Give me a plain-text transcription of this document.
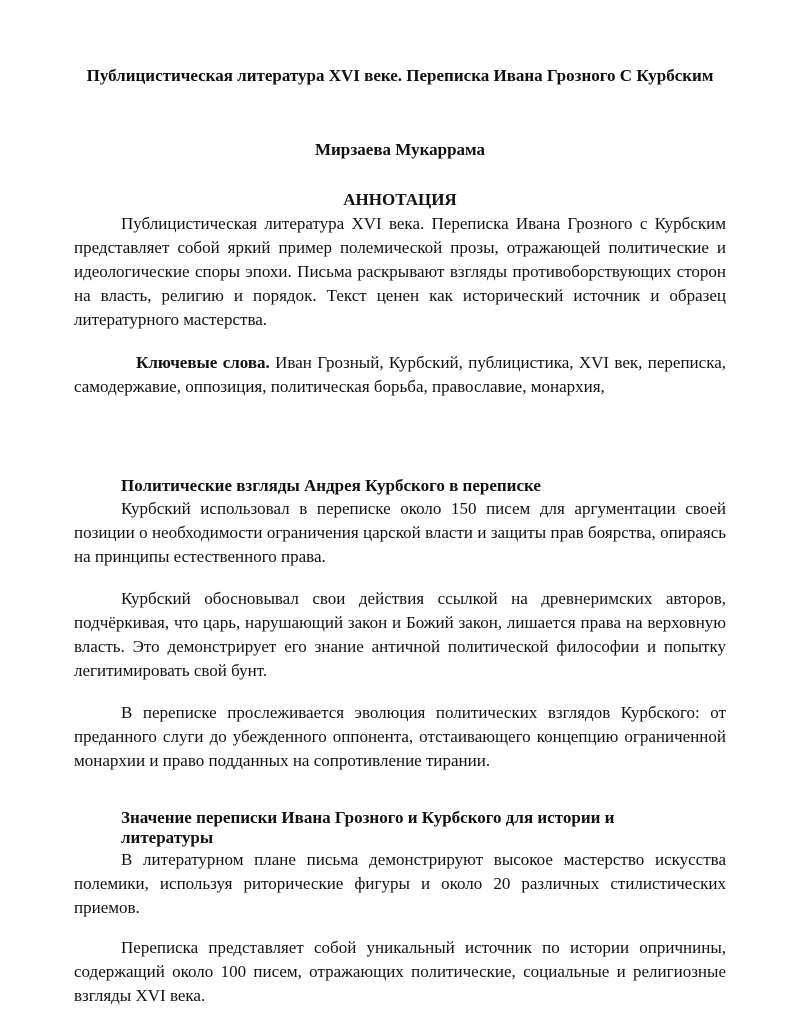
Публицистическая литература XVI веке. Переписка Ивана Грозного С Курбским
Мирзаева Мукаррама
АННОТАЦИЯ

Публицистическая литература XVI века. Переписка Ивана Грозного с Курбским представляет собой яркий пример полемической прозы, отражающей политические и идеологические споры эпохи. Письма раскрывают взгляды противоборствующих сторон на власть, религию и порядок. Текст ценен как исторический источник и образец литературного мастерства.

Ключевые слова. Иван Грозный, Курбский, публицистика, XVI век, переписка, самодержавие, оппозиция, политическая борьба, православие, монархия,

Политические взгляды Андрея Курбского в переписке

Курбский использовал в переписке около 150 писем для аргументации своей позиции о необходимости ограничения царской власти и защиты прав боярства, опираясь на принципы естественного права.

Курбский обосновывал свои действия ссылкой на древнеримских авторов, подчёркивая, что царь, нарушающий закон и Божий закон, лишается права на верховную власть. Это демонстрирует его знание античной политической философии и попытку легитимировать свой бунт.

В переписке прослеживается эволюция политических взглядов Курбского: от преданного слуги до убежденного оппонента, отстаивающего концепцию ограниченной монархии и право подданных на сопротивление тирании.

Значение переписки Ивана Грозного и Курбского для истории и литературы

В литературном плане письма демонстрируют высокое мастерство искусства полемики, используя риторические фигуры и около 20 различных стилистических приемов.

Переписка представляет собой уникальный источник по истории опричнины, содержащий около 100 писем, отражающих политические, социальные и религиозные взгляды XVI века.
